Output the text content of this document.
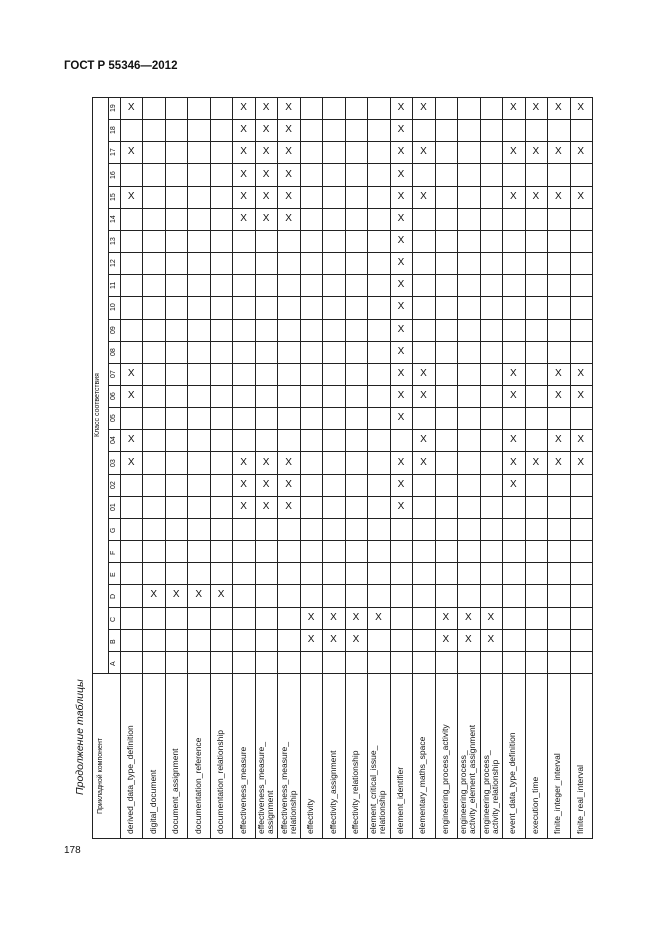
ГОСТ Р 55346—2012
Продолжение таблицы
178
Класс соответствия
Прикладной компонент
A
B
C
D
E
F
G
01
02
03
04
05
06
07
08
09
10
11
12
13
14
15
16
17
18
19
derived_data_type_definition
X
X
X
X
X
X
X
digital_document
X
document_assignment
X
documentation_reference
X
documentation_relationship
X
effectiveness_measure
X
X
X
X
X
X
X
X
X
effectiveness_measure_ assignment
X
X
X
X
X
X
X
X
X
effectiveness_measure_ relationship
X
X
X
X
X
X
X
X
X
effectivity
X
X
effectivity_assignment
X
X
effectivity_relationship
X
X
element_critical_issue_ relationship
X
element_identifier
X
X
X
X
X
X
X
X
X
X
X
X
X
X
X
X
X
X
elementary_maths_space
X
X
X
X
X
X
X
engineering_process_activity
X
X
engineering_process_ activity_element_assignment
X
X
engineering_process_ activity_relationship
X
X
event_data_type_definition
X
X
X
X
X
X
X
X
execution_time
X
X
X
X
finite_integer_interval
X
X
X
X
X
X
X
finite_real_interval
X
X
X
X
X
X
X
